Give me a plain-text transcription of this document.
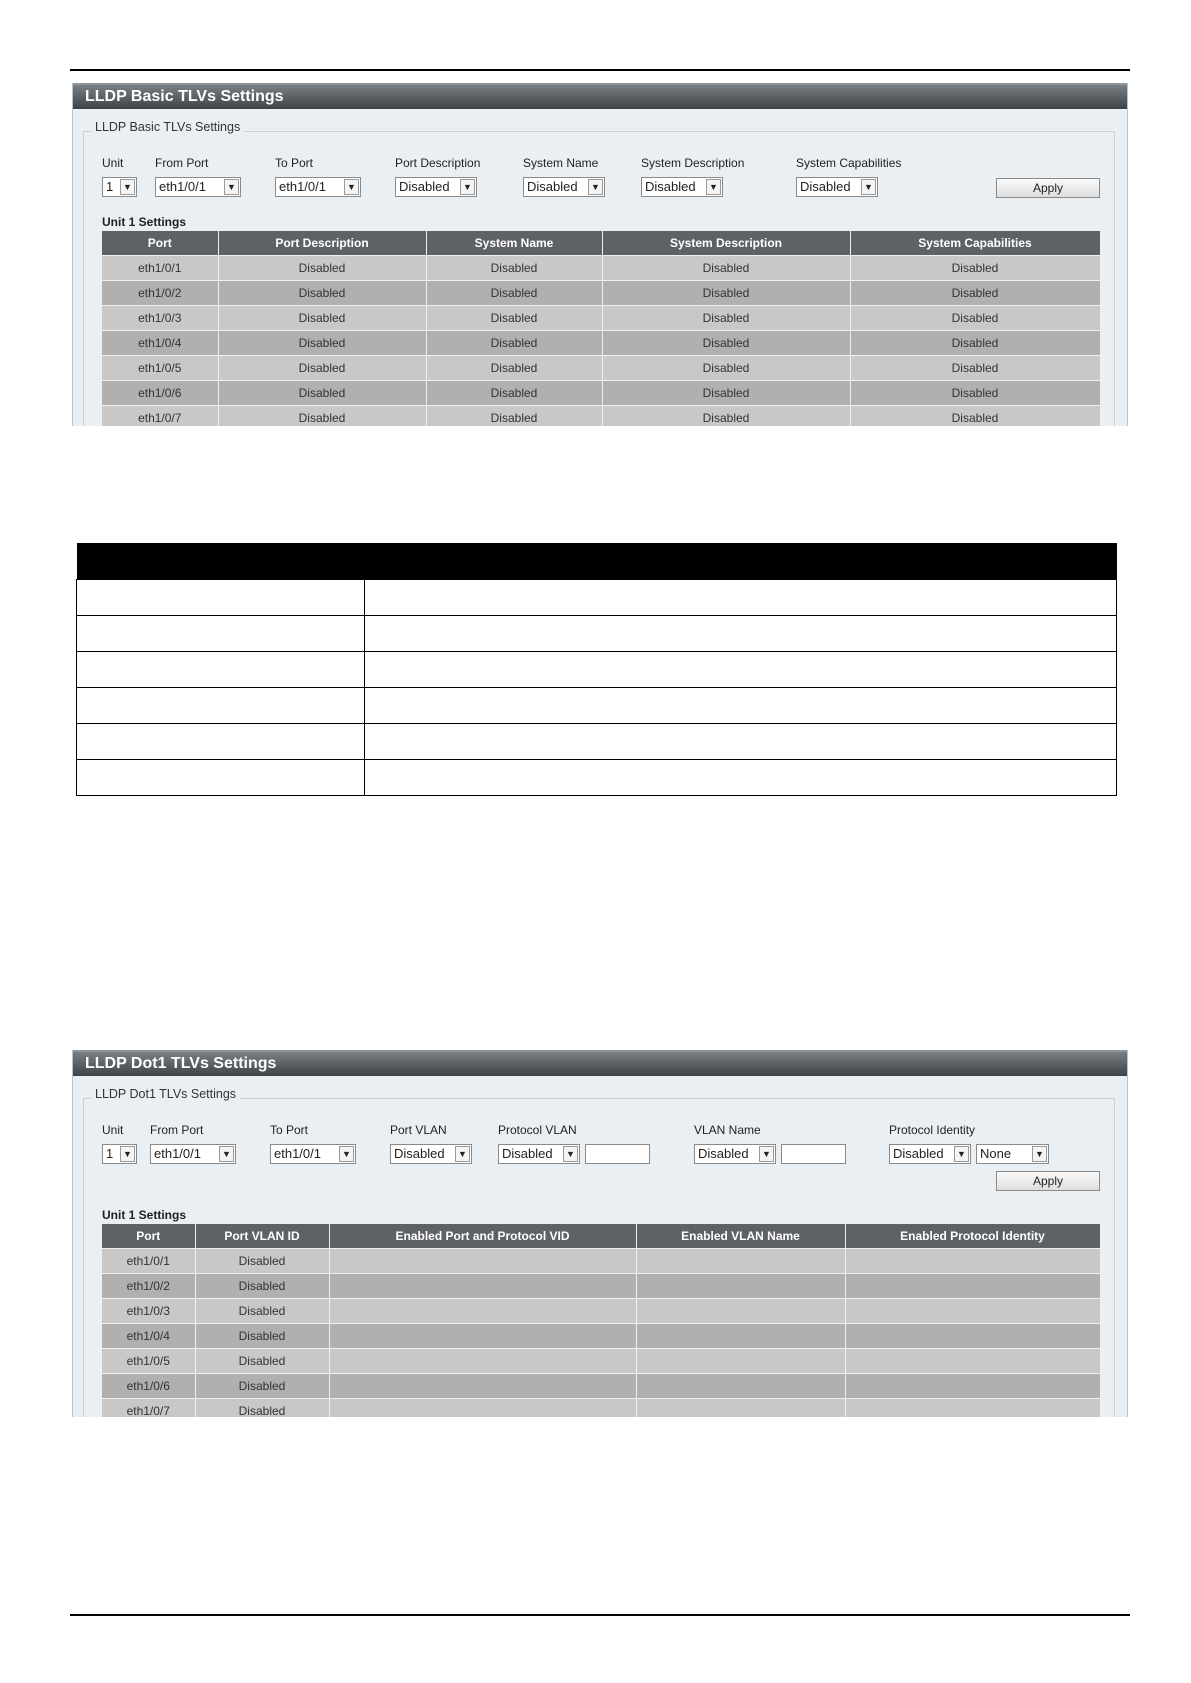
LLDP Basic TLVs Settings
LLDP Basic TLVs Settings
Unit	From Port	To Port	Port Description	System Name	System Description	System Capabilities
1	▼	eth1/0/1	▼	eth1/0/1	▼	Disabled	▼	Disabled	▼	Disabled	▼	Disabled	▼	Apply
Unit 1 Settings
Port	Port Description	System Name	System Description	System Capabilities
eth1/0/1	Disabled	Disabled	Disabled	Disabled
eth1/0/2	Disabled	Disabled	Disabled	Disabled
eth1/0/3	Disabled	Disabled	Disabled	Disabled
eth1/0/4	Disabled	Disabled	Disabled	Disabled
eth1/0/5	Disabled	Disabled	Disabled	Disabled
eth1/0/6	Disabled	Disabled	Disabled	Disabled
eth1/0/7	Disabled	Disabled	Disabled	Disabled

LLDP Dot1 TLVs Settings
LLDP Dot1 TLVs Settings
Unit From Port	To Port	Port VLAN	Protocol VLAN	VLAN Name	Protocol Identity
1	▼	eth1/0/1	▼	eth1/0/1	▼	Disabled	▼	Disabled	▼	Disabled	▼	Disabled	▼	None	▼
Apply
Unit 1 Settings
Port	Port VLAN ID	Enabled Port and Protocol VID	Enabled VLAN Name	Enabled Protocol Identity
eth1/0/1	Disabled			
eth1/0/2	Disabled			
eth1/0/3	Disabled			
eth1/0/4	Disabled			
eth1/0/5	Disabled			
eth1/0/6	Disabled			
eth1/0/7	Disabled			
